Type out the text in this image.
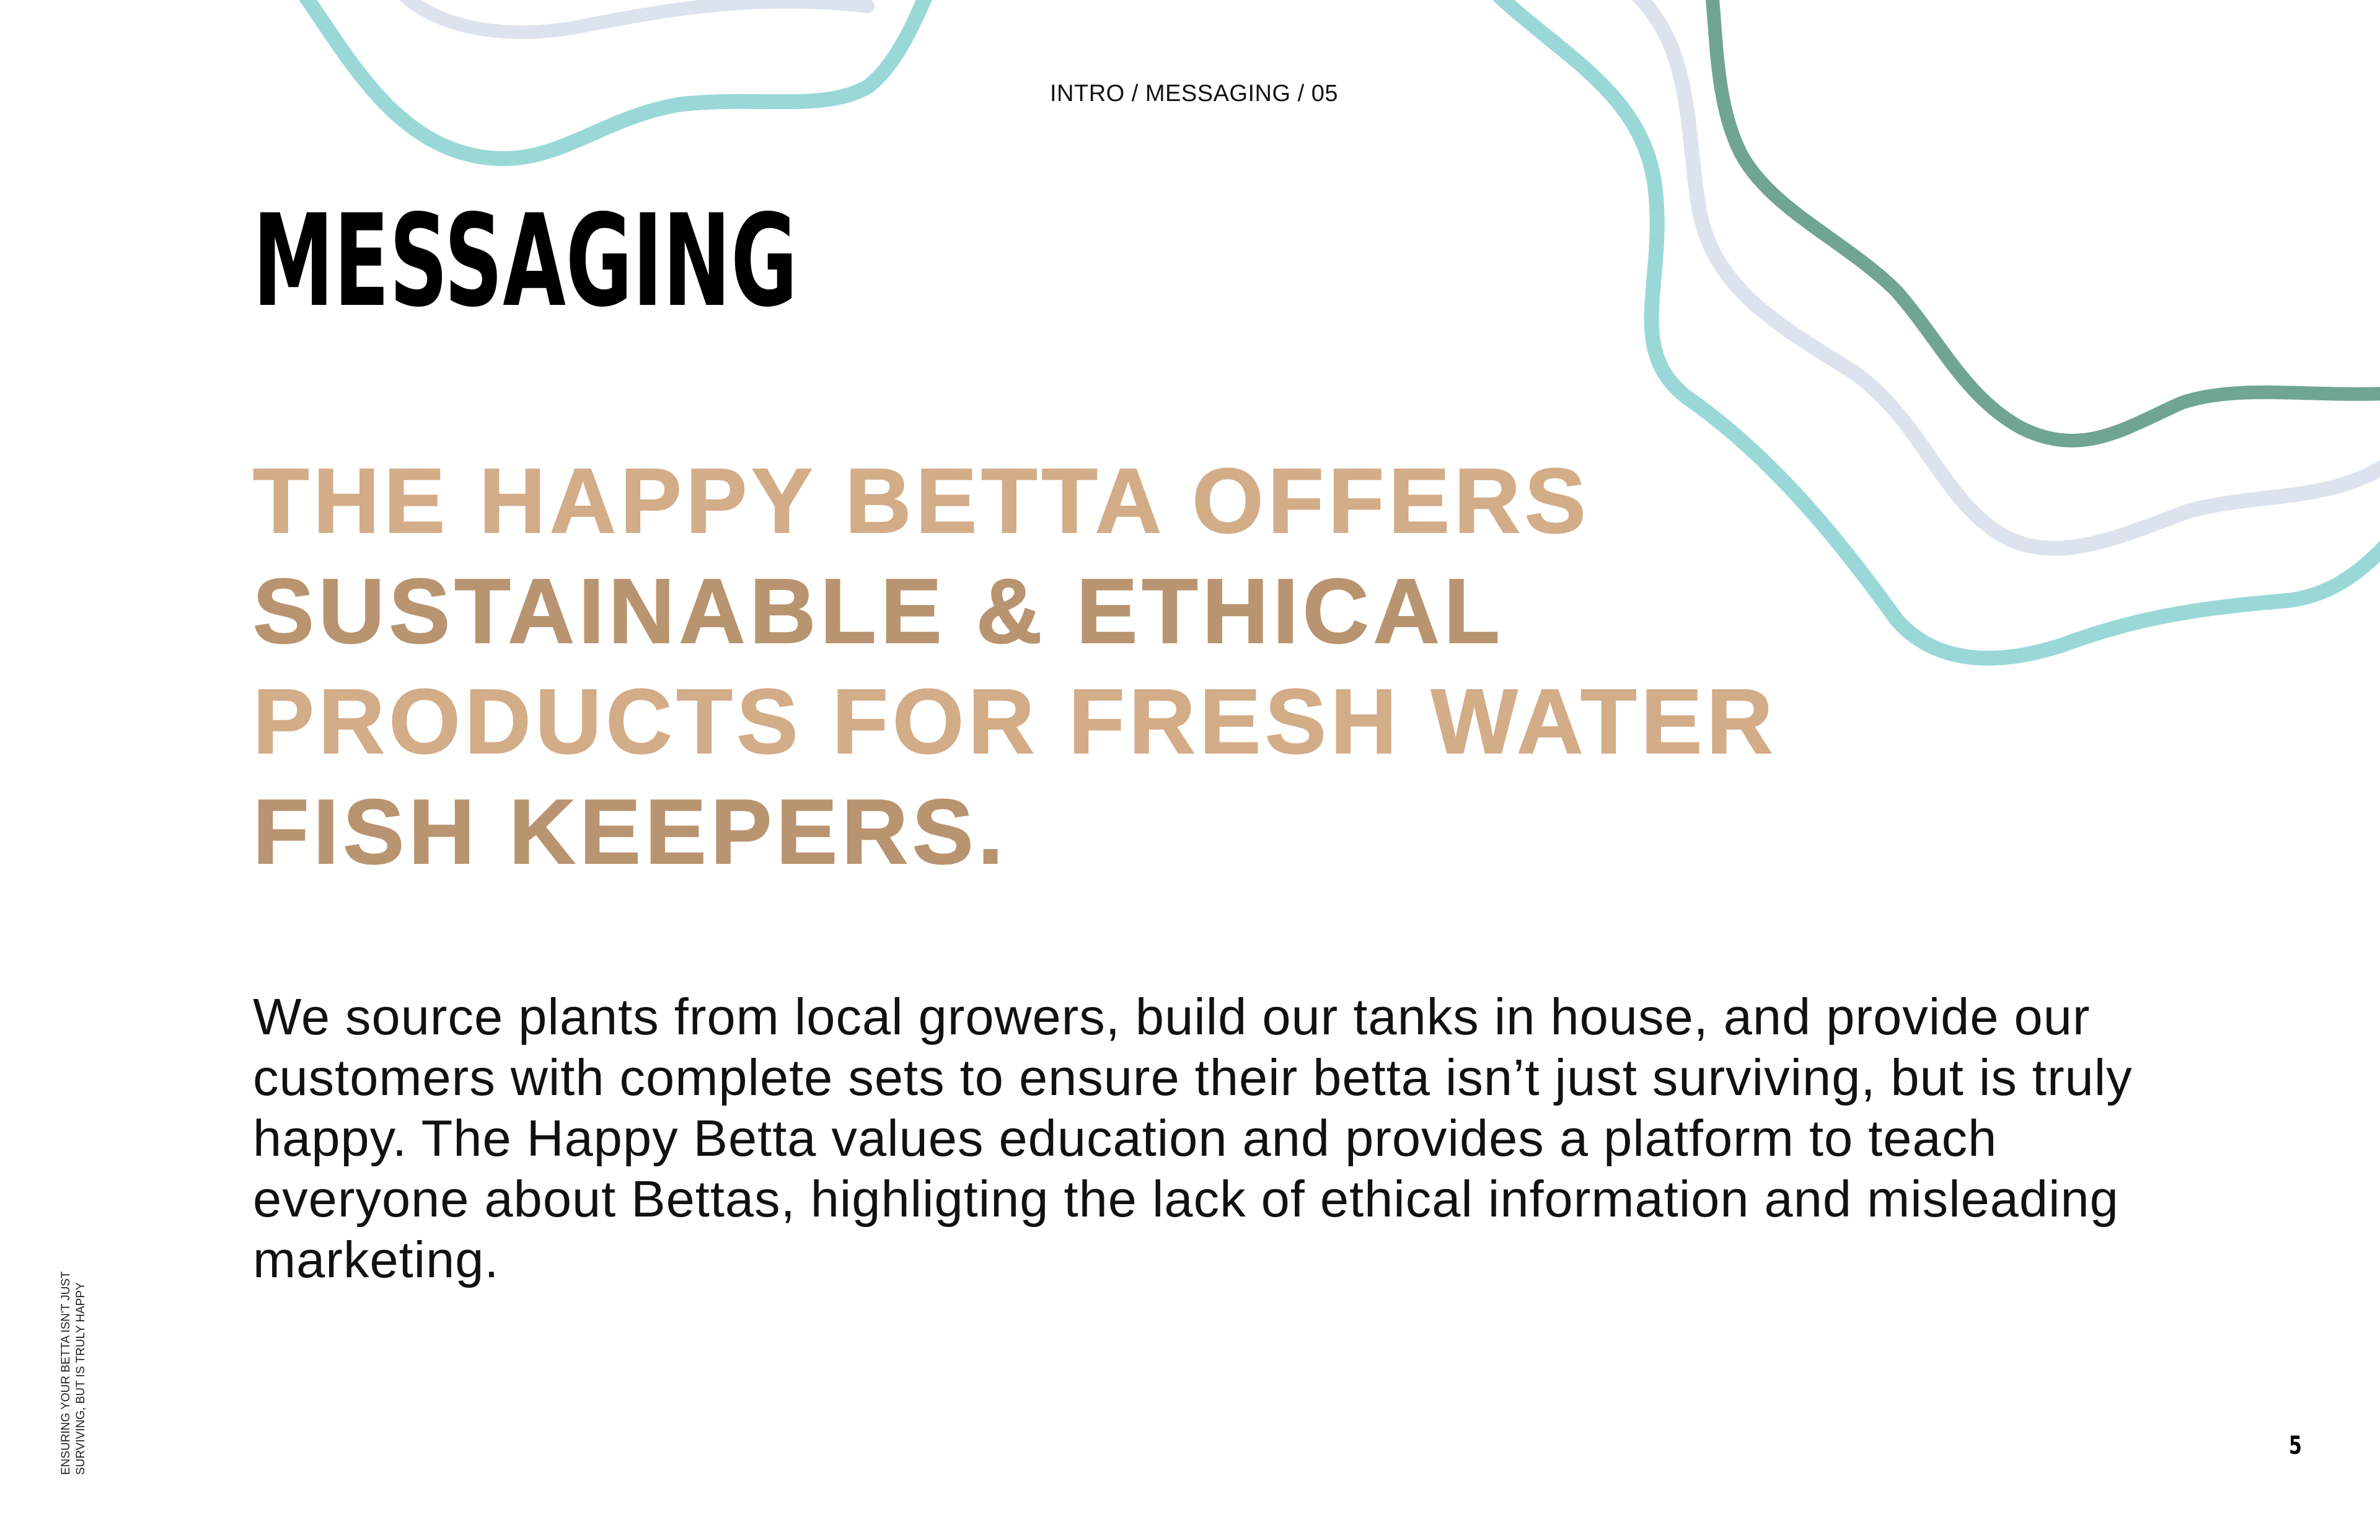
INTRO / MESSAGING / 05
MESSAGING
THE HAPPY BETTA OFFERS
SUSTAINABLE & ETHICAL
PRODUCTS FOR FRESH WATER
FISH KEEPERS.

We source plants from local growers, build our tanks in house, and provide our customers with complete sets to ensure their betta isn’t just surviving, but is truly happy. The Happy Betta values education and provides a platform to teach everyone about Bettas, highligting the lack of ethical information and misleading marketing.

ENSURING YOUR BETTA ISN'T JUST SURVIVING, BUT IS TRULY HAPPY	5
